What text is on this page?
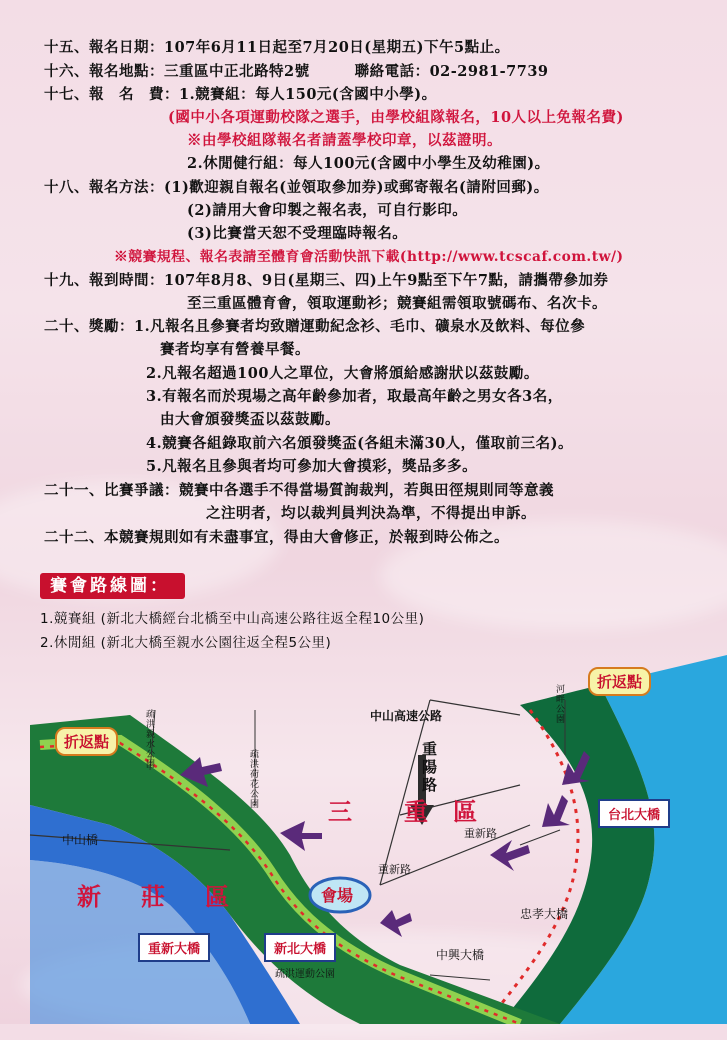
十五、報名日期：107年6月11日起至7月20日(星期五)下午5點止。
十六、報名地點：三重區中正北路特2號　　　聯絡電話：02-2981-7739
十七、報　名　費：1.競賽組：每人150元(含國中小學)。
(國中小各項運動校隊之選手，由學校組隊報名，10人以上免報名費)
※由學校組隊報名者請蓋學校印章，以茲證明。
2.休閒健行組：每人100元(含國中小學生及幼稚園)。
十八、報名方法：(1)歡迎親自報名(並領取參加券)或郵寄報名(請附回郵)。
(2)請用大會印製之報名表，可自行影印。
(3)比賽當天恕不受理臨時報名。
※競賽規程、報名表請至體育會活動快訊下載(http://www.tcscaf.com.tw/)
十九、報到時間：107年8月8、9日(星期三、四)上午9點至下午7點，請攜帶參加券
至三重區體育會，領取運動衫；競賽組需領取號碼布、名次卡。
二十、獎勵：1.凡報名且參賽者均致贈運動紀念衫、毛巾、礦泉水及飲料、每位參
賽者均享有營養早餐。
2.凡報名超過100人之單位，大會將頒給感謝狀以茲鼓勵。
3.有報名而於現場之高年齡參加者，取最高年齡之男女各3名，
由大會頒發獎盃以茲鼓勵。
4.競賽各組錄取前六名頒發獎盃(各組未滿30人，僅取前三名)。
5.凡報名且參與者均可參加大會摸彩，獎品多多。
二十一、比賽爭議：競賽中各選手不得當場質詢裁判，若與田徑規則同等意義
之注明者，均以裁判員判決為準，不得提出申訴。
二十二、本競賽規則如有未盡事宜，得由大會修正，於報到時公佈之。
賽會路線圖：
1.競賽組 (新北大橋經台北橋至中山高速公路往返全程10公里)
2.休閒組 (新北大橋至親水公園往返全程5公里)
折返點
折返點
中山高速公路
河畔公園
疏洪親水公園
疏洪荷花公園	三　重 區
重陽路
台北大橋
中山橋	重新路
重新路
新　莊　區	會場
忠孝大橋
重新大橋	新北大橋	中興大橋
疏洪運動公園
